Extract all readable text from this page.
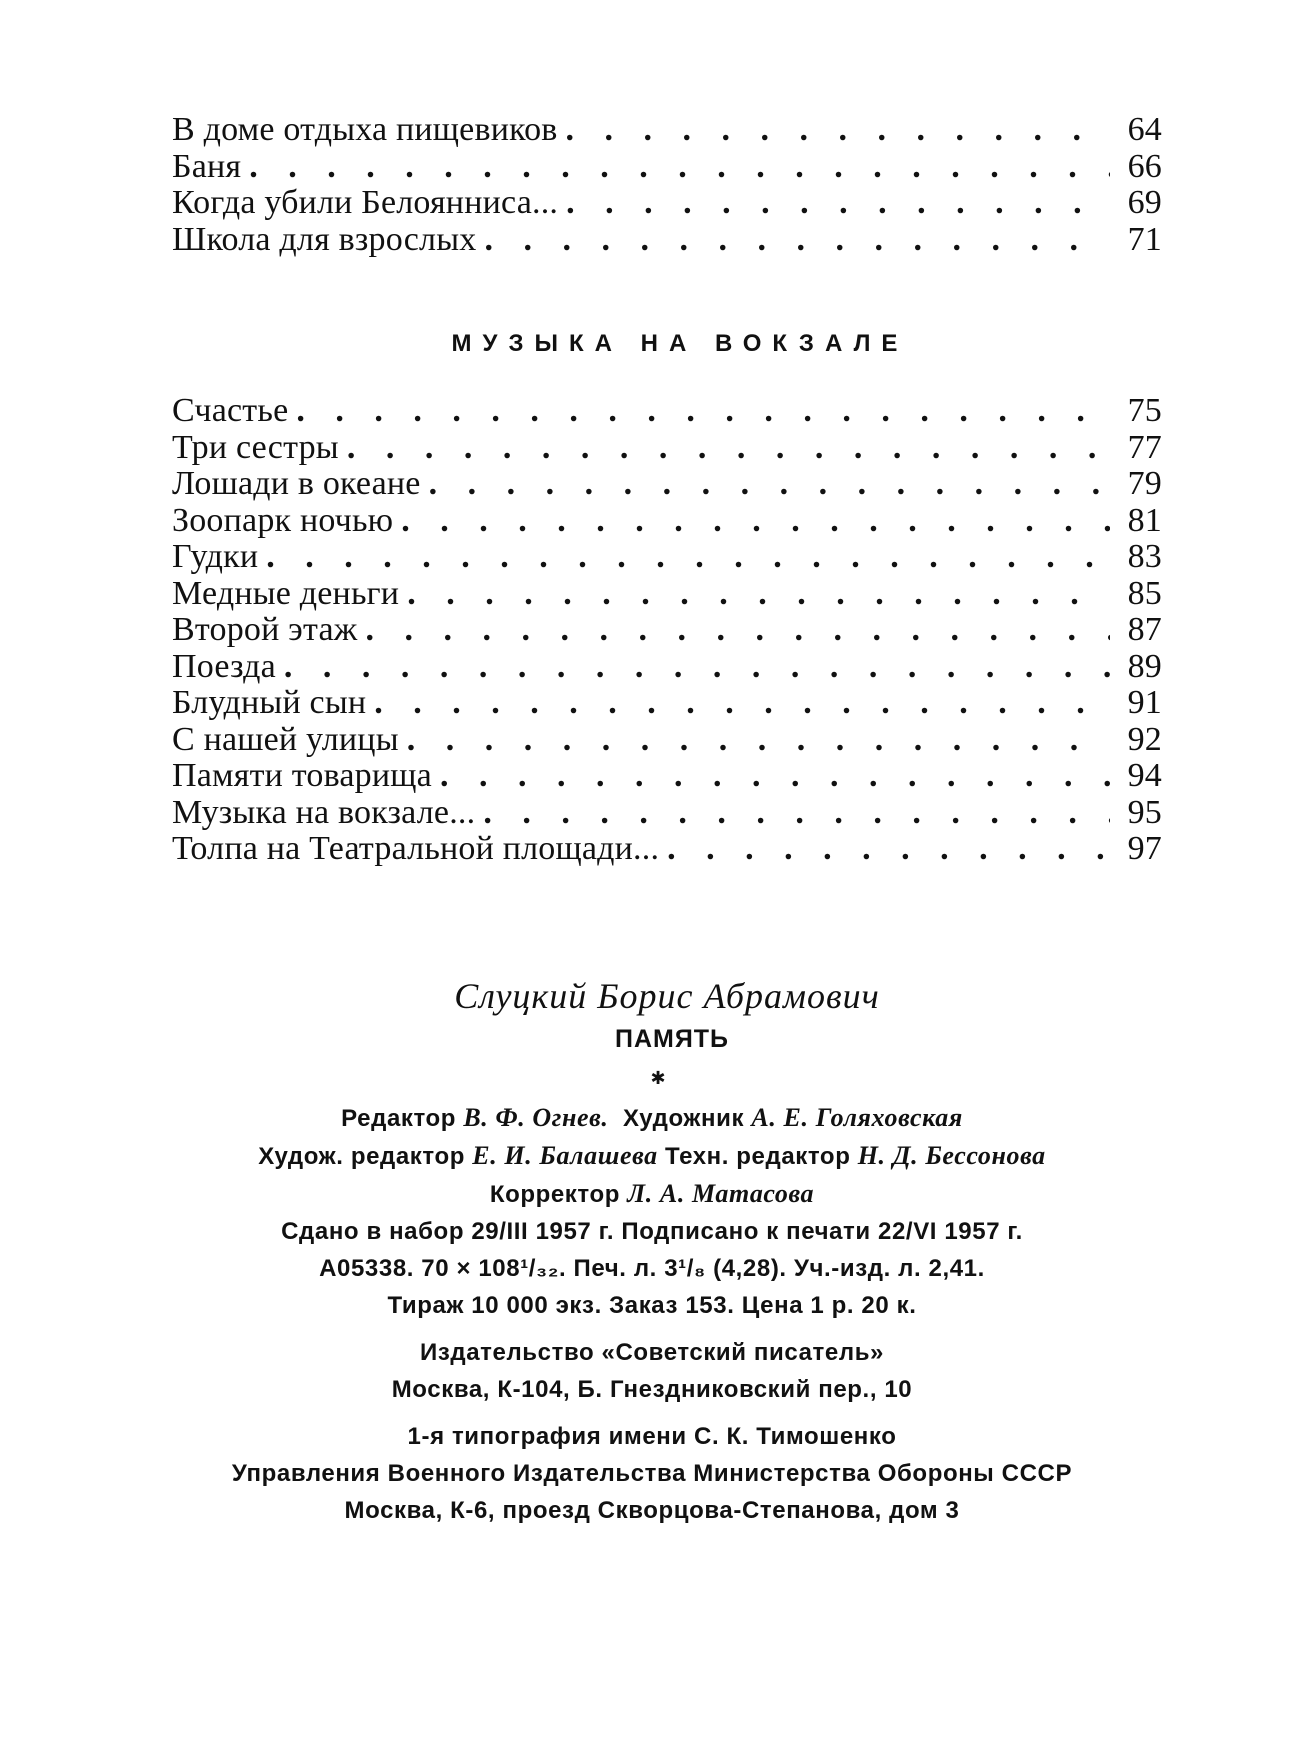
В доме отдыха пищевиков . . .	64
Баня . . .	66
Когда убили Белоянниса... . . .	69
Школа для взрослых . . .	71
МУЗЫКА НА ВОКЗАЛЕ
Счастье . . .	75
Три сестры . . .	77
Лошади в океане . . .	79
Зоопарк ночью . . .	81
Гудки . . .	83
Медные деньги . . .	85
Второй этаж . . .	87
Поезда . . .	89
Блудный сын . . .	91
С нашей улицы . . .	92
Памяти товарища . . .	94
Музыка на вокзале... . . .	95
Толпа на Театральной площади... . . .	97
Слуцкий Борис Абрамович
ПАМЯТЬ
✱
Редактор В. Ф. Огнев. Художник А. Е. Голяховская
Худож. редактор Е. И. Балашева Техн. редактор Н. Д. Бессонова
Корректор Л. А. Матасова
Сдано в набор 29/III 1957 г. Подписано к печати 22/VI 1957 г.
А05338. 70 × 108¹/₃₂. Печ. л. 3¹/₈ (4,28). Уч.-изд. л. 2,41.
Тираж 10 000 экз. Заказ 153. Цена 1 р. 20 к.
Издательство «Советский писатель»
Москва, К-104, Б. Гнездниковский пер., 10
1-я типография имени С. К. Тимошенко
Управления Военного Издательства Министерства Обороны СССР
Москва, К-6, проезд Скворцова-Степанова, дом 3
